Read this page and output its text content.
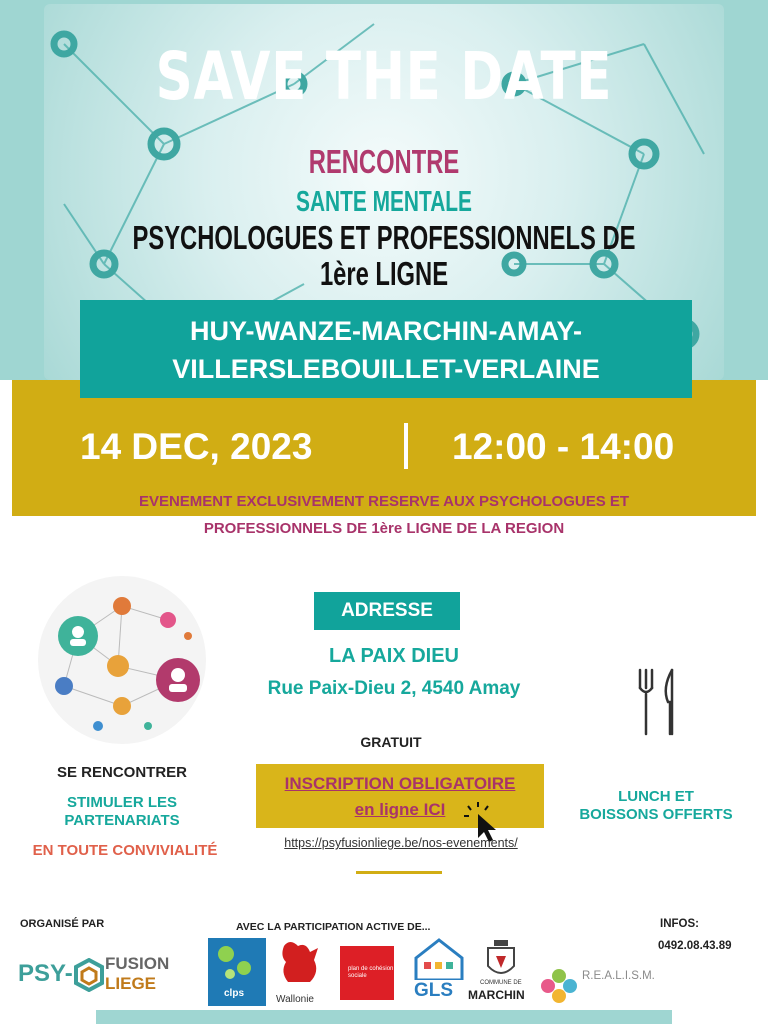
SAVE THE DATE
RENCONTRE
SANTE MENTALE
PSYCHOLOGUES ET PROFESSIONNELS DE
1ère LIGNE
HUY-WANZE-MARCHIN-AMAY-
VILLERSLEBOUILLET-VERLAINE
14 DEC, 2023	12:00 - 14:00
EVENEMENT EXCLUSIVEMENT RESERVE AUX PSYCHOLOGUES ET
PROFESSIONNELS DE 1ère LIGNE DE LA REGION
SE RENCONTRER
STIMULER LES
PARTENARIATS
EN TOUTE CONVIVIALITÉ
ADRESSE
LA PAIX DIEU
Rue Paix-Dieu 2, 4540 Amay
GRATUIT
INSCRIPTION OBLIGATOIRE
en ligne ICI
https://psyfusionliege.be/nos-evenements/
LUNCH ET
BOISSONS OFFERTS
ORGANISÉ PAR	AVEC LA PARTICIPATION ACTIVE DE...	INFOS:
0492.08.43.89
PSY- FUSION
LIEGE
clps
Wallonie
plan de cohésion sociale
GLS	COMMUNE DE
MARCHIN
R.E.A.L.I.S.M.
